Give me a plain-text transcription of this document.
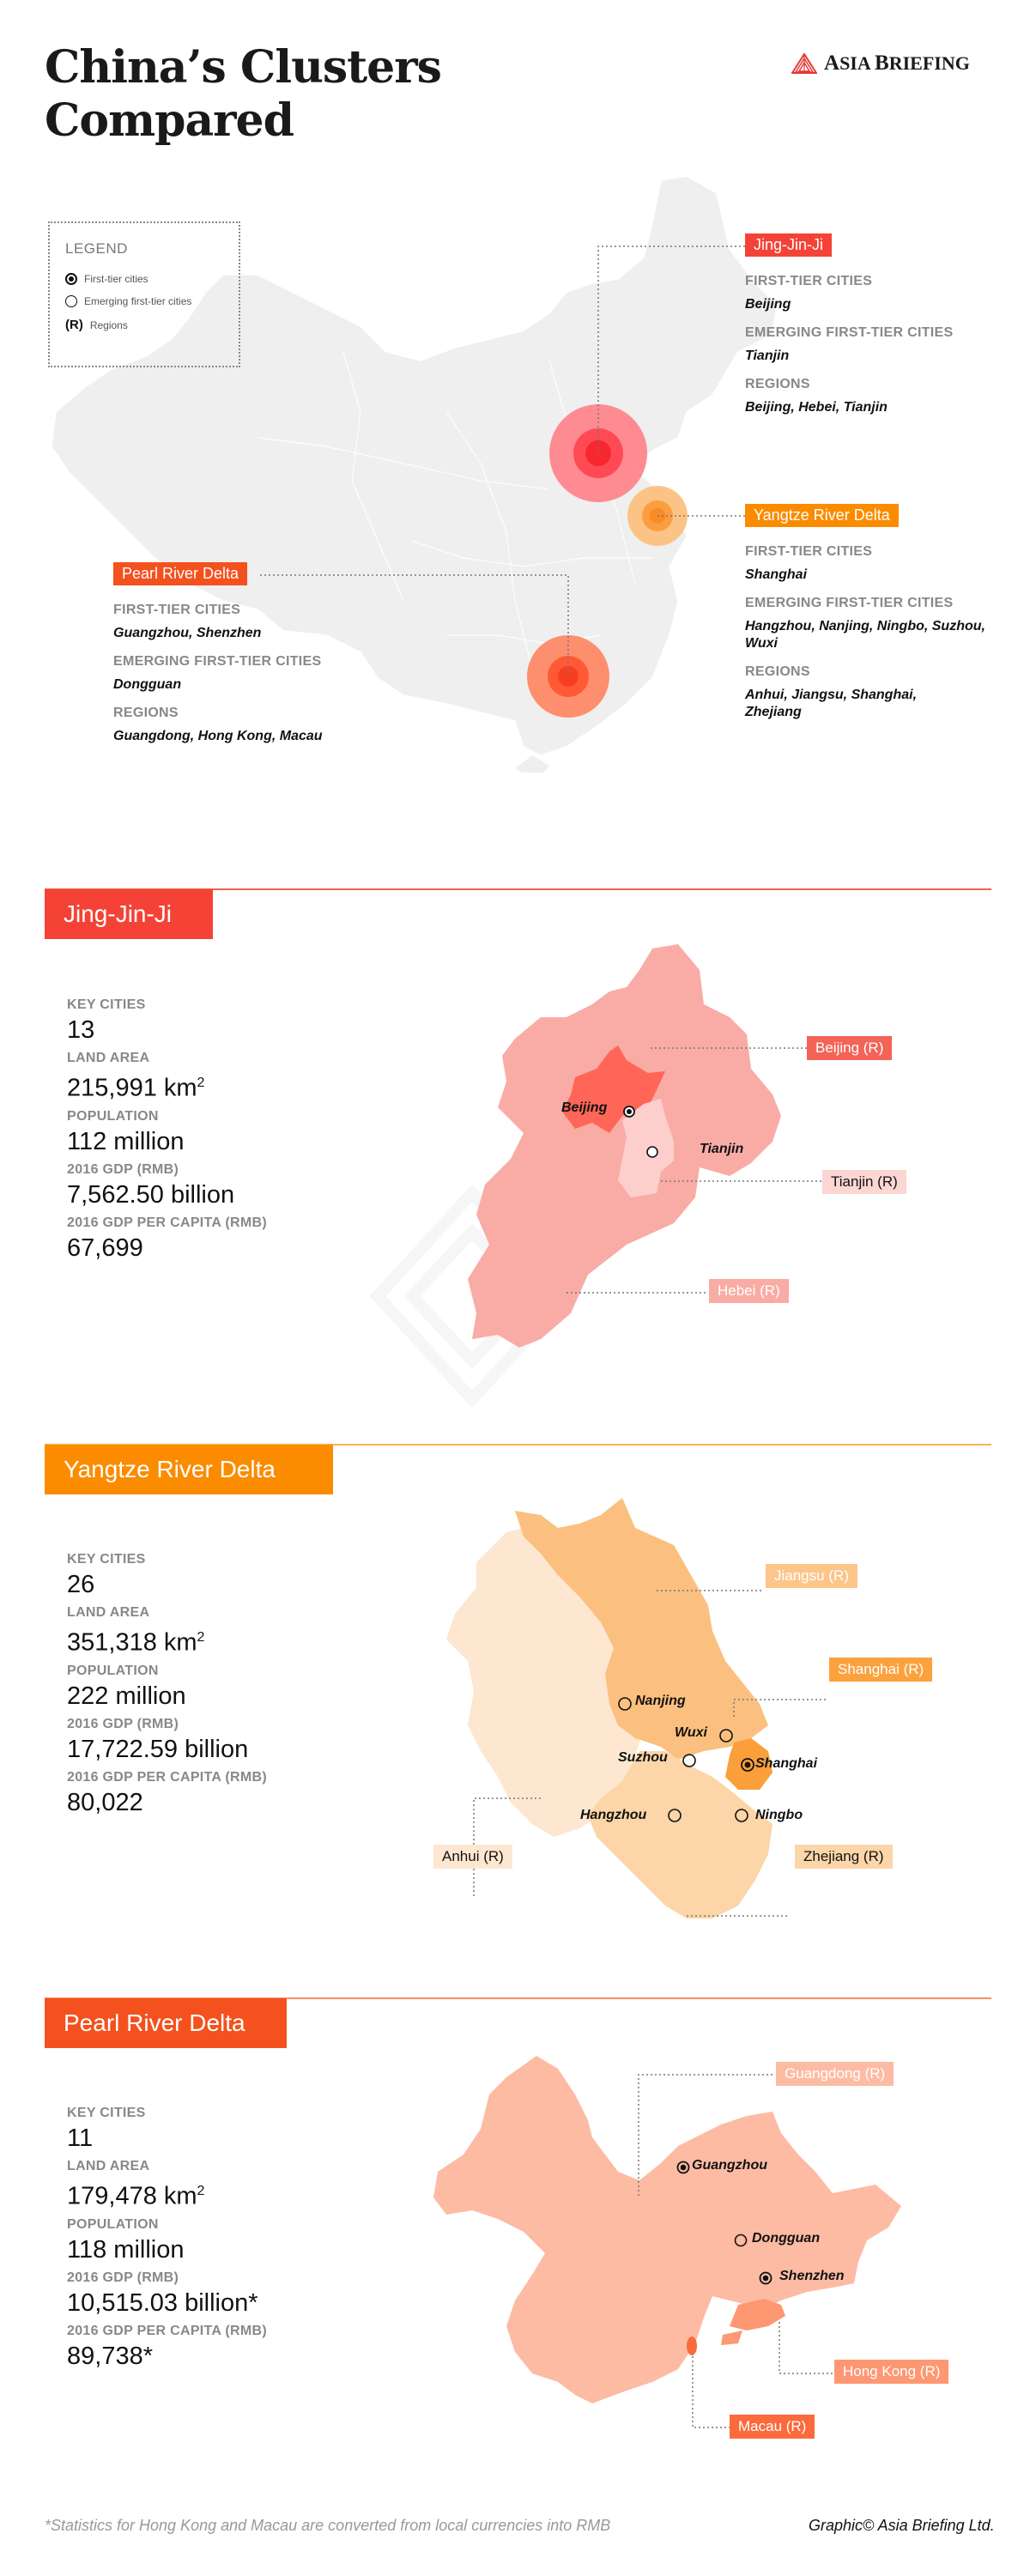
China’s Clusters
Compared
ASIA BRIEFING
LEGEND
First-tier cities
Emerging first-tier cities
(R) Regions
Jing-Jin-Ji
FIRST-TIER CITIES
Beijing
EMERGING FIRST-TIER CITIES
Tianjin
REGIONS
Beijing, Hebei, Tianjin
Yangtze River Delta
FIRST-TIER CITIES
Shanghai
EMERGING FIRST-TIER CITIES
Hangzhou, Nanjing, Ningbo, Suzhou, Wuxi
REGIONS
Anhui, Jiangsu, Shanghai, Zhejiang
Pearl River Delta
FIRST-TIER CITIES
Guangzhou, Shenzhen
EMERGING FIRST-TIER CITIES
Dongguan
REGIONS
Guangdong, Hong Kong, Macau
Jing-Jin-Ji
KEY CITIES
13
LAND AREA
215,991 $km^2$
POPULATION
112 million
2016 GDP (RMB)
7,562.50 billion
2016 GDP PER CAPITA (RMB)
67,699
Beijing
Tianjin
Beijing (R)
Tianjin (R)
Hebei (R)
Yangtze River Delta
KEY CITIES
26
LAND AREA
351,318 $km^2$
POPULATION
222 million
2016 GDP (RMB)
17,722.59 billion
2016 GDP PER CAPITA (RMB)
80,022
Nanjing
Wuxi
Suzhou	Shanghai
Hangzhou	Ningbo
Jiangsu (R)
Shanghai (R)
Anhui (R)	Zhejiang (R)
Pearl River Delta
KEY CITIES
11
LAND AREA
179,478 $km^2$
POPULATION
118 million
2016 GDP (RMB)
10,515.03 billion*
2016 GDP PER CAPITA (RMB)
89,738*
Guangzhou
Dongguan
Shenzhen
Guangdong (R)
Hong Kong (R)
Macau (R)
*Statistics for Hong Kong and Macau are converted from local currencies into RMB	Graphic© Asia Briefing Ltd.
